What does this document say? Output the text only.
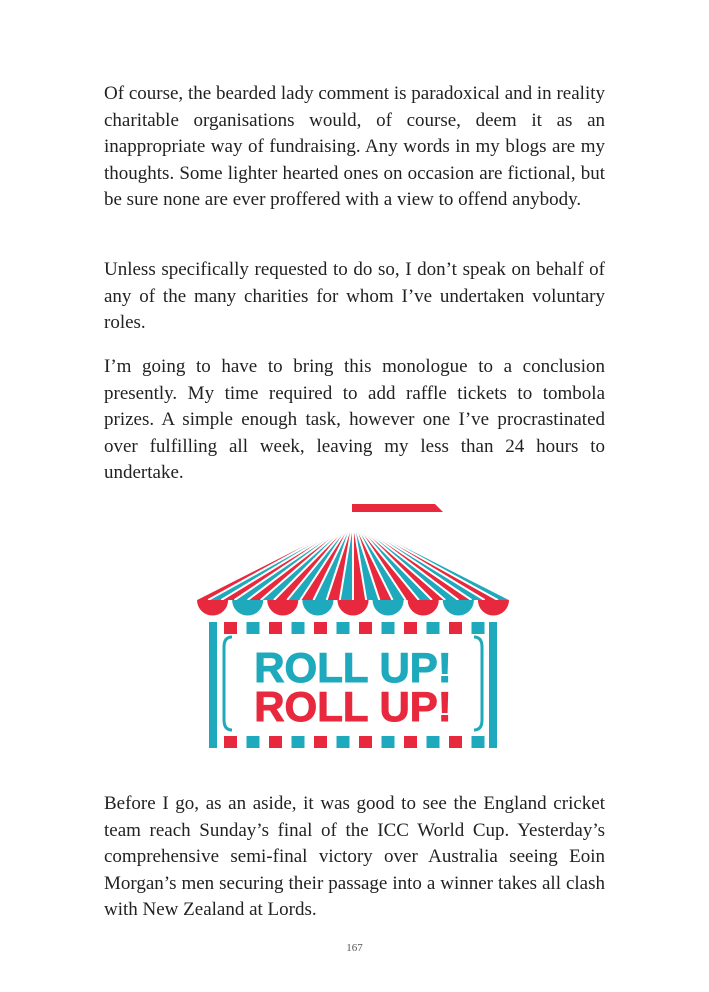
Of course, the bearded lady comment is paradoxical and in reality charitable organisations would, of course, deem it as an inappropriate way of fundraising. Any words in my blogs are my thoughts. Some lighter hearted ones on occasion are fictional, but be sure none are ever proffered with a view to offend anybody.

Unless specifically requested to do so, I don’t speak on behalf of any of the many charities for whom I’ve undertaken voluntary roles.

I’m going to have to bring this monologue to a conclusion presently. My time required to add raffle tickets to tombola prizes. A simple enough task, however one I’ve procrastinated over fulfilling all week, leaving my less than 24 hours to undertake.

ROLL UP!
ROLL UP!

Before I go, as an aside, it was good to see the England cricket team reach Sunday’s final of the ICC World Cup. Yesterday’s comprehensive semi-final victory over Australia seeing Eoin Morgan’s men securing their passage into a winner takes all clash with New Zealand at Lords.

167
